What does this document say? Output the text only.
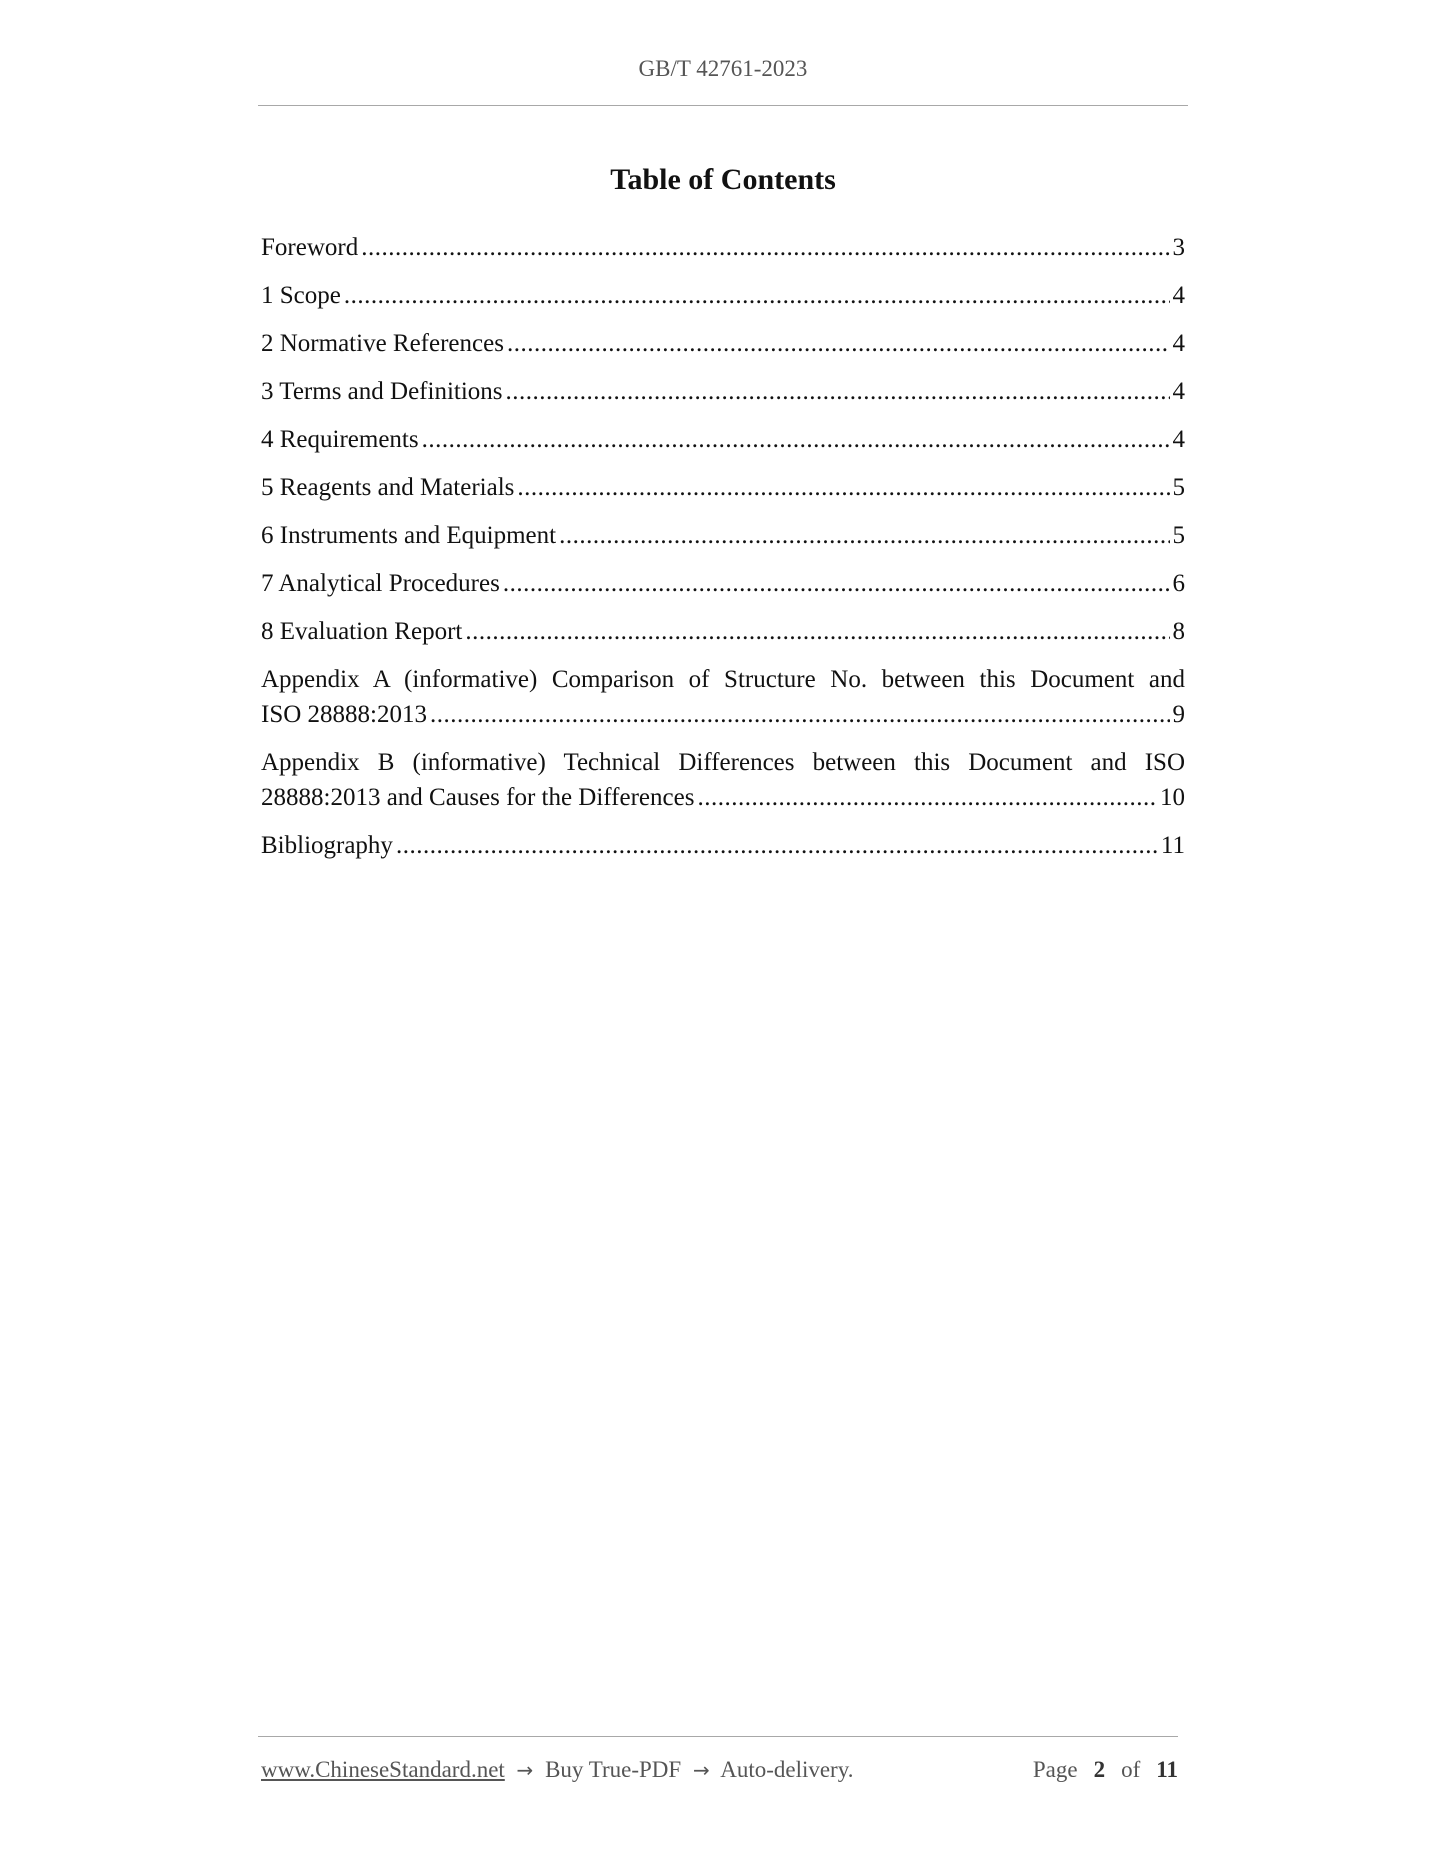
GB/T 42761-2023
Table of Contents
Foreword .....	3
1 Scope .....	4
2 Normative References .....	4
3 Terms and Definitions .....	4
4 Requirements .....	4
5 Reagents and Materials .....	5
6 Instruments and Equipment .....	5
7 Analytical Procedures .....	6
8 Evaluation Report .....	8
Appendix A (informative) Comparison of Structure No. between this Document and
ISO 28888:2013 .....	9
Appendix B (informative) Technical Differences between this Document and ISO
28888:2013 and Causes for the Differences .....	10
Bibliography .....	11
www.ChineseStandard.net → Buy True-PDF → Auto-delivery.	Page 2 of 11
